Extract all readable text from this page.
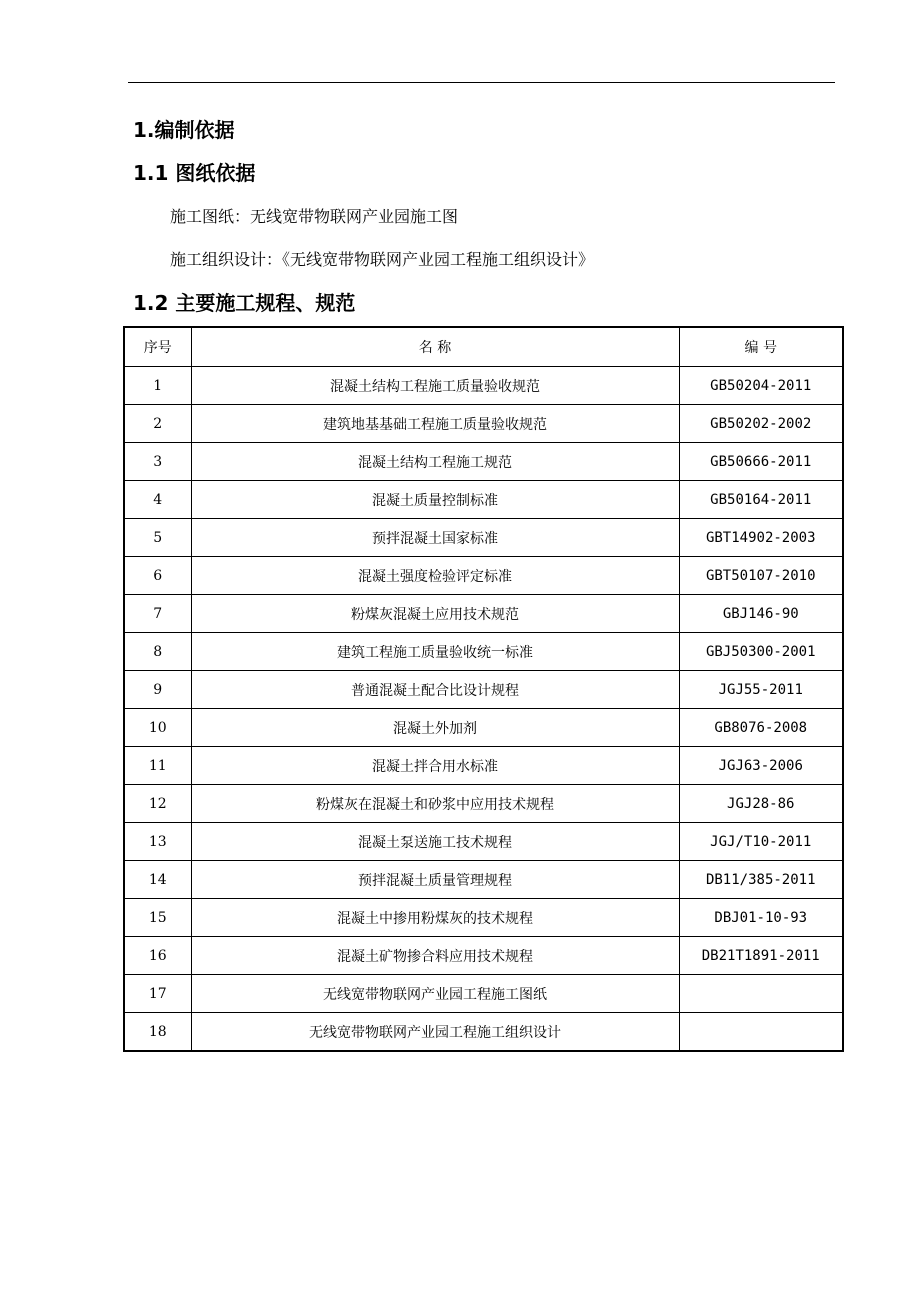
1.编制依据
1.1 图纸依据
施工图纸：无线宽带物联网产业园施工图
施工组织设计：《无线宽带物联网产业园工程施工组织设计》
1.2 主要施工规程、规范
序号	名 称	编 号
1	混凝土结构工程施工质量验收规范	GB50204-2011
2	建筑地基基础工程施工质量验收规范	GB50202-2002
3	混凝土结构工程施工规范	GB50666-2011
4	混凝土质量控制标准	GB50164-2011
5	预拌混凝土国家标准	GBT14902-2003
6	混凝土强度检验评定标准	GBT50107-2010
7	粉煤灰混凝土应用技术规范	GBJ146-90
8	建筑工程施工质量验收统一标准	GBJ50300-2001
9	普通混凝土配合比设计规程	JGJ55-2011
10	混凝土外加剂	GB8076-2008
11	混凝土拌合用水标准	JGJ63-2006
12	粉煤灰在混凝土和砂浆中应用技术规程	JGJ28-86
13	混凝土泵送施工技术规程	JGJ/T10-2011
14	预拌混凝土质量管理规程	DB11/385-2011
15	混凝土中掺用粉煤灰的技术规程	DBJ01-10-93
16	混凝土矿物掺合料应用技术规程	DB21T1891-2011
17	无线宽带物联网产业园工程施工图纸	
18	无线宽带物联网产业园工程施工组织设计	
